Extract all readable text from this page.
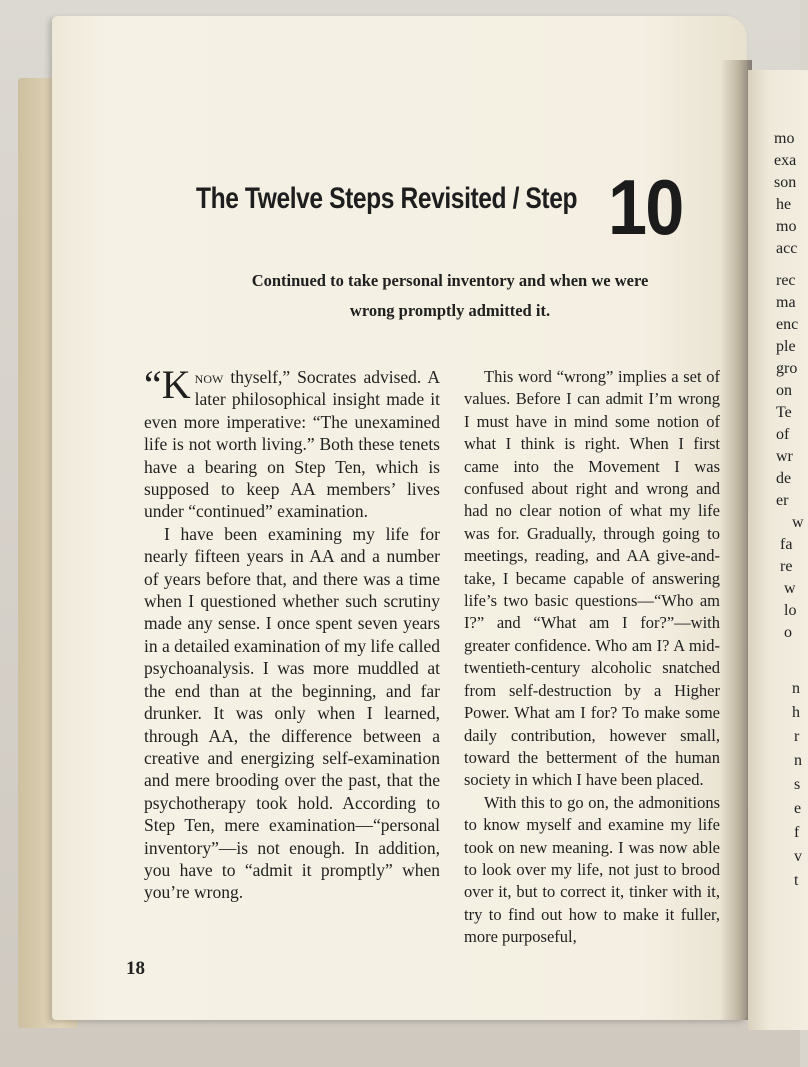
The Twelve Steps Revisited / Step 10
Continued to take personal inventory and when we were
wrong promptly admitted it.

“K now thyself,” Socrates advised. A later philosophical insight made it even more imperative: “The unexamined life is not worth living.” Both these tenets have a bearing on Step Ten, which is supposed to keep AA members’ lives under “continued” examination.

I have been examining my life for nearly fifteen years in AA and a number of years before that, and there was a time when I questioned whether such scrutiny made any sense. I once spent seven years in a detailed examination of my life called psychoanalysis. I was more muddled at the end than at the beginning, and far drunker. It was only when I learned, through AA, the difference between a creative and energizing self-examination and mere brooding over the past, that the psychotherapy took hold. According to Step Ten, mere examination—“personal inventory”—is not enough. In addition, you have to “admit it promptly” when you’re wrong.

This word “wrong” implies a set of values. Before I can admit I’m wrong I must have in mind some notion of what I think is right. When I first came into the Movement I was confused about right and wrong and had no clear notion of what my life was for. Gradually, through going to meetings, reading, and AA give-and-take, I became capable of answering life’s two basic questions—“Who am I?” and “What am I for?”—with greater confidence. Who am I? A mid-twentieth-century alcoholic snatched from self-destruction by a Higher Power. What am I for? To make some daily contribution, however small, toward the betterment of the human society in which I have been placed.

With this to go on, the admonitions to know myself and examine my life took on new meaning. I was now able to look over my life, not just to brood over it, but to correct it, tinker with it, try to find out how to make it fuller, more purposeful,

18
mo
exa
son
he
mo
acc
rec
ma
enc
ple
gro
on
Te
of
wr
de
er
w
fa
re
w
lo
o
n
h
r
n
s
e
f
v
t
